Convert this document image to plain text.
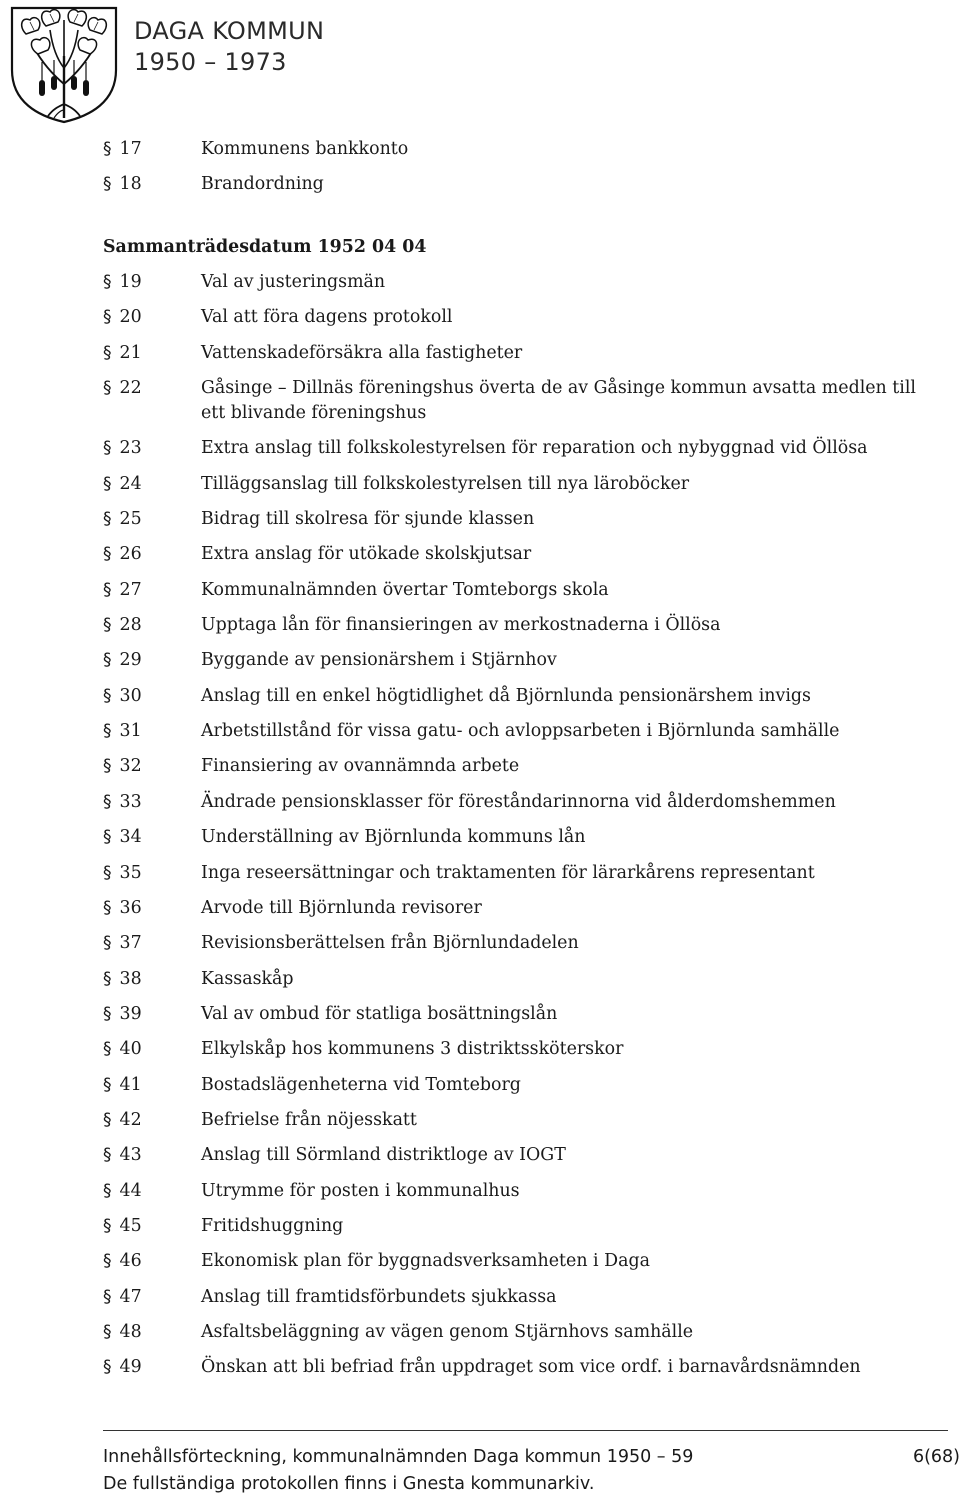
DAGA KOMMUN
1950 – 1973
§ 17	Kommunens bankkonto
§ 18	Brandordning
Sammanträdesdatum 1952 04 04
§ 19	Val av justeringsmän
§ 20	Val att föra dagens protokoll
§ 21	Vattenskadeförsäkra alla fastigheter
§ 22	Gåsinge – Dillnäs föreningshus överta de av Gåsinge kommun avsatta medlen till ett blivande föreningshus
§ 23	Extra anslag till folkskolestyrelsen för reparation och nybyggnad vid Öllösa
§ 24	Tilläggsanslag till folkskolestyrelsen till nya läroböcker
§ 25	Bidrag till skolresa för sjunde klassen
§ 26	Extra anslag för utökade skolskjutsar
§ 27	Kommunalnämnden övertar Tomteborgs skola
§ 28	Upptaga lån för finansieringen av merkostnaderna i Öllösa
§ 29	Byggande av pensionärshem i Stjärnhov
§ 30	Anslag till en enkel högtidlighet då Björnlunda pensionärshem invigs
§ 31	Arbetstillstånd för vissa gatu- och avloppsarbeten i Björnlunda samhälle
§ 32	Finansiering av ovannämnda arbete
§ 33	Ändrade pensionsklasser för föreståndarinnorna vid ålderdomshemmen
§ 34	Underställning av Björnlunda kommuns lån
§ 35	Inga reseersättningar och traktamenten för lärarkårens representant
§ 36	Arvode till Björnlunda revisorer
§ 37	Revisionsberättelsen från Björnlundadelen
§ 38	Kassaskåp
§ 39	Val av ombud för statliga bosättningslån
§ 40	Elkylskåp hos kommunens 3 distriktssköterskor
§ 41	Bostadslägenheterna vid Tomteborg
§ 42	Befrielse från nöjesskatt
§ 43	Anslag till Sörmland distriktloge av IOGT
§ 44	Utrymme för posten i kommunalhus
§ 45	Fritidshuggning
§ 46	Ekonomisk plan för byggnadsverksamheten i Daga
§ 47	Anslag till framtidsförbundets sjukkassa
§ 48	Asfaltsbeläggning av vägen genom Stjärnhovs samhälle
§ 49	Önskan att bli befriad från uppdraget som vice ordf. i barnavårdsnämnden
Innehållsförteckning, kommunalnämnden Daga kommun 1950 – 59
De fullständiga protokollen finns i Gnesta kommunarkiv.
6(68)
